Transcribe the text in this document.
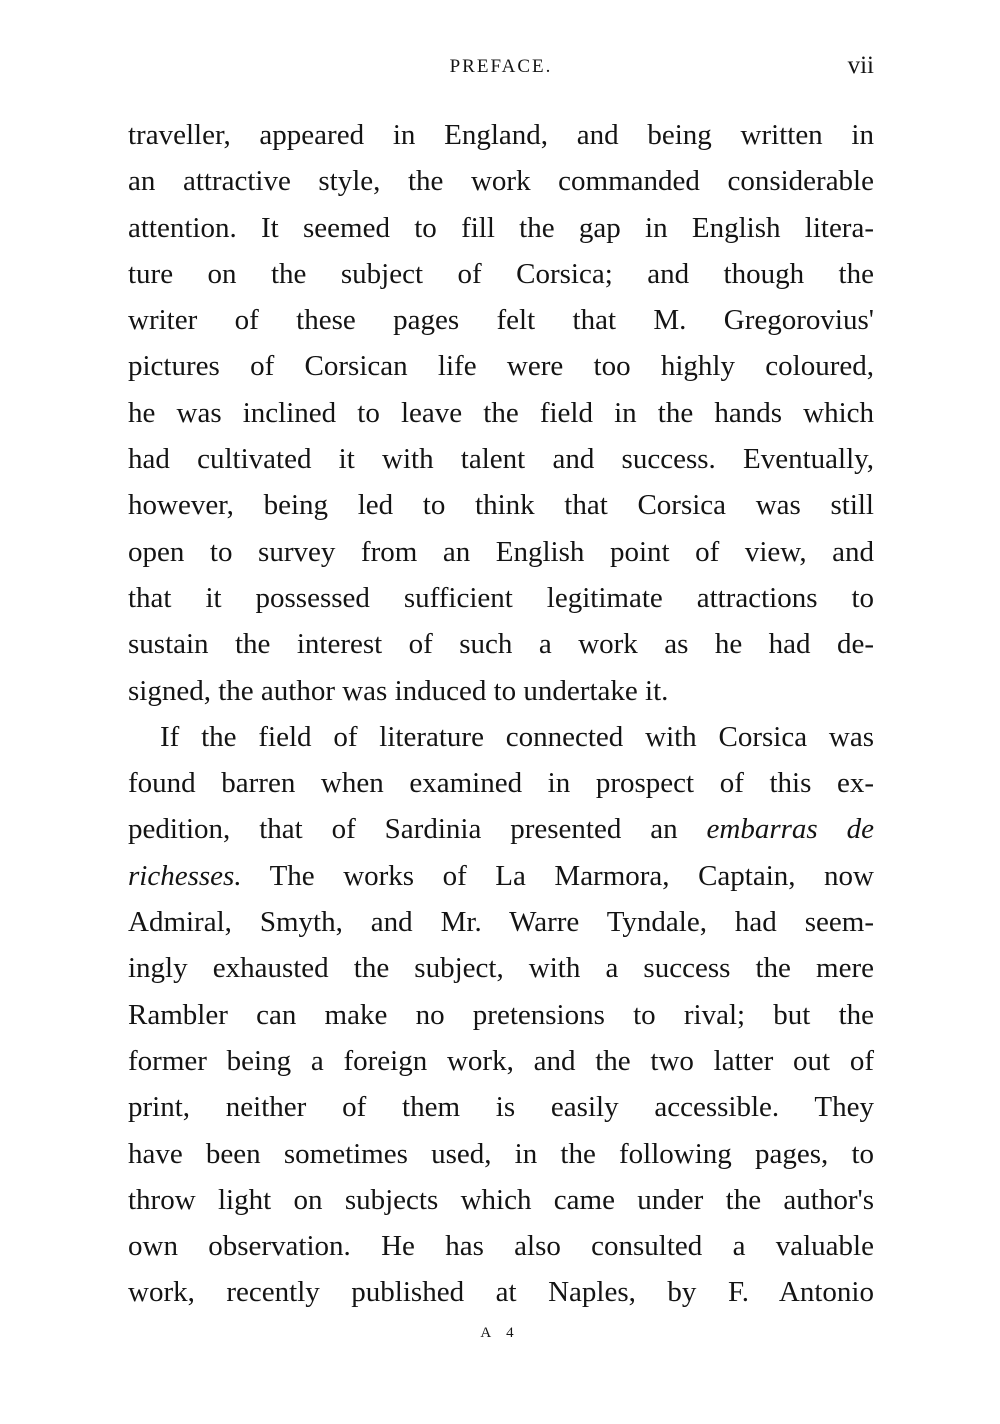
PREFACE.	vii
traveller, appeared in England, and being written in
an attractive style, the work commanded considerable
attention. It seemed to fill the gap in English litera-
ture on the subject of Corsica; and though the
writer of these pages felt that M. Gregorovius'
pictures of Corsican life were too highly coloured,
he was inclined to leave the field in the hands which
had cultivated it with talent and success. Eventually,
however, being led to think that Corsica was still
open to survey from an English point of view, and
that it possessed sufficient legitimate attractions to
sustain the interest of such a work as he had de-
signed, the author was induced to undertake it.
If the field of literature connected with Corsica was
found barren when examined in prospect of this ex-
pedition, that of Sardinia presented an embarras de
richesses. The works of La Marmora, Captain, now
Admiral, Smyth, and Mr. Warre Tyndale, had seem-
ingly exhausted the subject, with a success the mere
Rambler can make no pretensions to rival; but the
former being a foreign work, and the two latter out of
print, neither of them is easily accessible. They
have been sometimes used, in the following pages, to
throw light on subjects which came under the author's
own observation. He has also consulted a valuable
work, recently published at Naples, by F. Antonio
A 4
